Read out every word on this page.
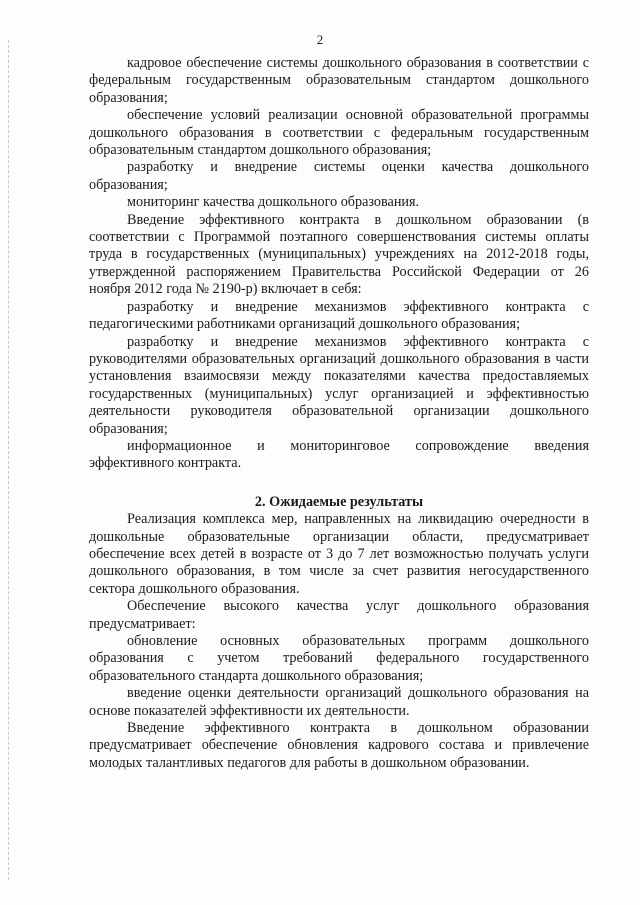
2

кадровое обеспечение системы дошкольного образования в соответствии с федеральным государственным образовательным стандартом дошкольного образования;

обеспечение условий реализации основной образовательной программы дошкольного образования в соответствии с федеральным государственным образовательным стандартом дошкольного образования;

разработку и внедрение системы оценки качества дошкольного образования;

мониторинг качества дошкольного образования.

Введение эффективного контракта в дошкольном образовании (в соответствии с Программой поэтапного совершенствования системы оплаты труда в государственных (муниципальных) учреждениях на 2012-2018 годы, утвержденной распоряжением Правительства Российской Федерации от 26 ноября 2012 года № 2190-р) включает в себя:

разработку и внедрение механизмов эффективного контракта с педагогическими работниками организаций дошкольного образования;

разработку и внедрение механизмов эффективного контракта с руководителями образовательных организаций дошкольного образования в части установления взаимосвязи между показателями качества предоставляемых государственных (муниципальных) услуг организацией и эффективностью деятельности руководителя образовательной организации дошкольного образования;

информационное и мониторинговое сопровождение введения эффективного контракта.

2. Ожидаемые результаты

Реализация комплекса мер, направленных на ликвидацию очередности в дошкольные образовательные организации области, предусматривает обеспечение всех детей в возрасте от 3 до 7 лет возможностью получать услуги дошкольного образования, в том числе за счет развития негосударственного сектора дошкольного образования.

Обеспечение высокого качества услуг дошкольного образования предусматривает:

обновление основных образовательных программ дошкольного образования с учетом требований федерального государственного образовательного стандарта дошкольного образования;

введение оценки деятельности организаций дошкольного образования на основе показателей эффективности их деятельности.

Введение эффективного контракта в дошкольном образовании предусматривает обеспечение обновления кадрового состава и привлечение молодых талантливых педагогов для работы в дошкольном образовании.
